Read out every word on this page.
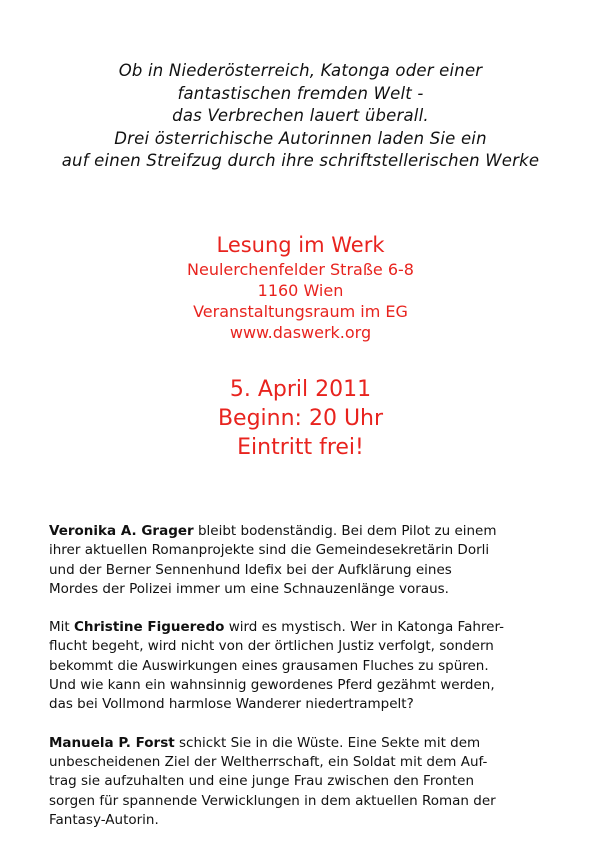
Ob in Niederösterreich, Katonga oder einer
fantastischen fremden Welt -
das Verbrechen lauert überall.
Drei österrichische Autorinnen laden Sie ein
auf einen Streifzug durch ihre schriftstellerischen Werke
Lesung im Werk
Neulerchenfelder Straße 6-8
1160 Wien
Veranstaltungsraum im EG
www.daswerk.org
5. April 2011
Beginn: 20 Uhr
Eintritt frei!

Veronika A. Grager bleibt bodenständig. Bei dem Pilot zu einem
ihrer aktuellen Romanprojekte sind die Gemeindesekretärin Dorli
und der Berner Sennenhund Idefix bei der Aufklärung eines
Mordes der Polizei immer um eine Schnauzenlänge voraus.

Mit Christine Figueredo wird es mystisch. Wer in Katonga Fahrer-
flucht begeht, wird nicht von der örtlichen Justiz verfolgt, sondern
bekommt die Auswirkungen eines grausamen Fluches zu spüren.
Und wie kann ein wahnsinnig gewordenes Pferd gezähmt werden,
das bei Vollmond harmlose Wanderer niedertrampelt?

Manuela P. Forst schickt Sie in die Wüste. Eine Sekte mit dem
unbescheidenen Ziel der Weltherrschaft, ein Soldat mit dem Auf-
trag sie aufzuhalten und eine junge Frau zwischen den Fronten
sorgen für spannende Verwicklungen in dem aktuellen Roman der
Fantasy-Autorin.
